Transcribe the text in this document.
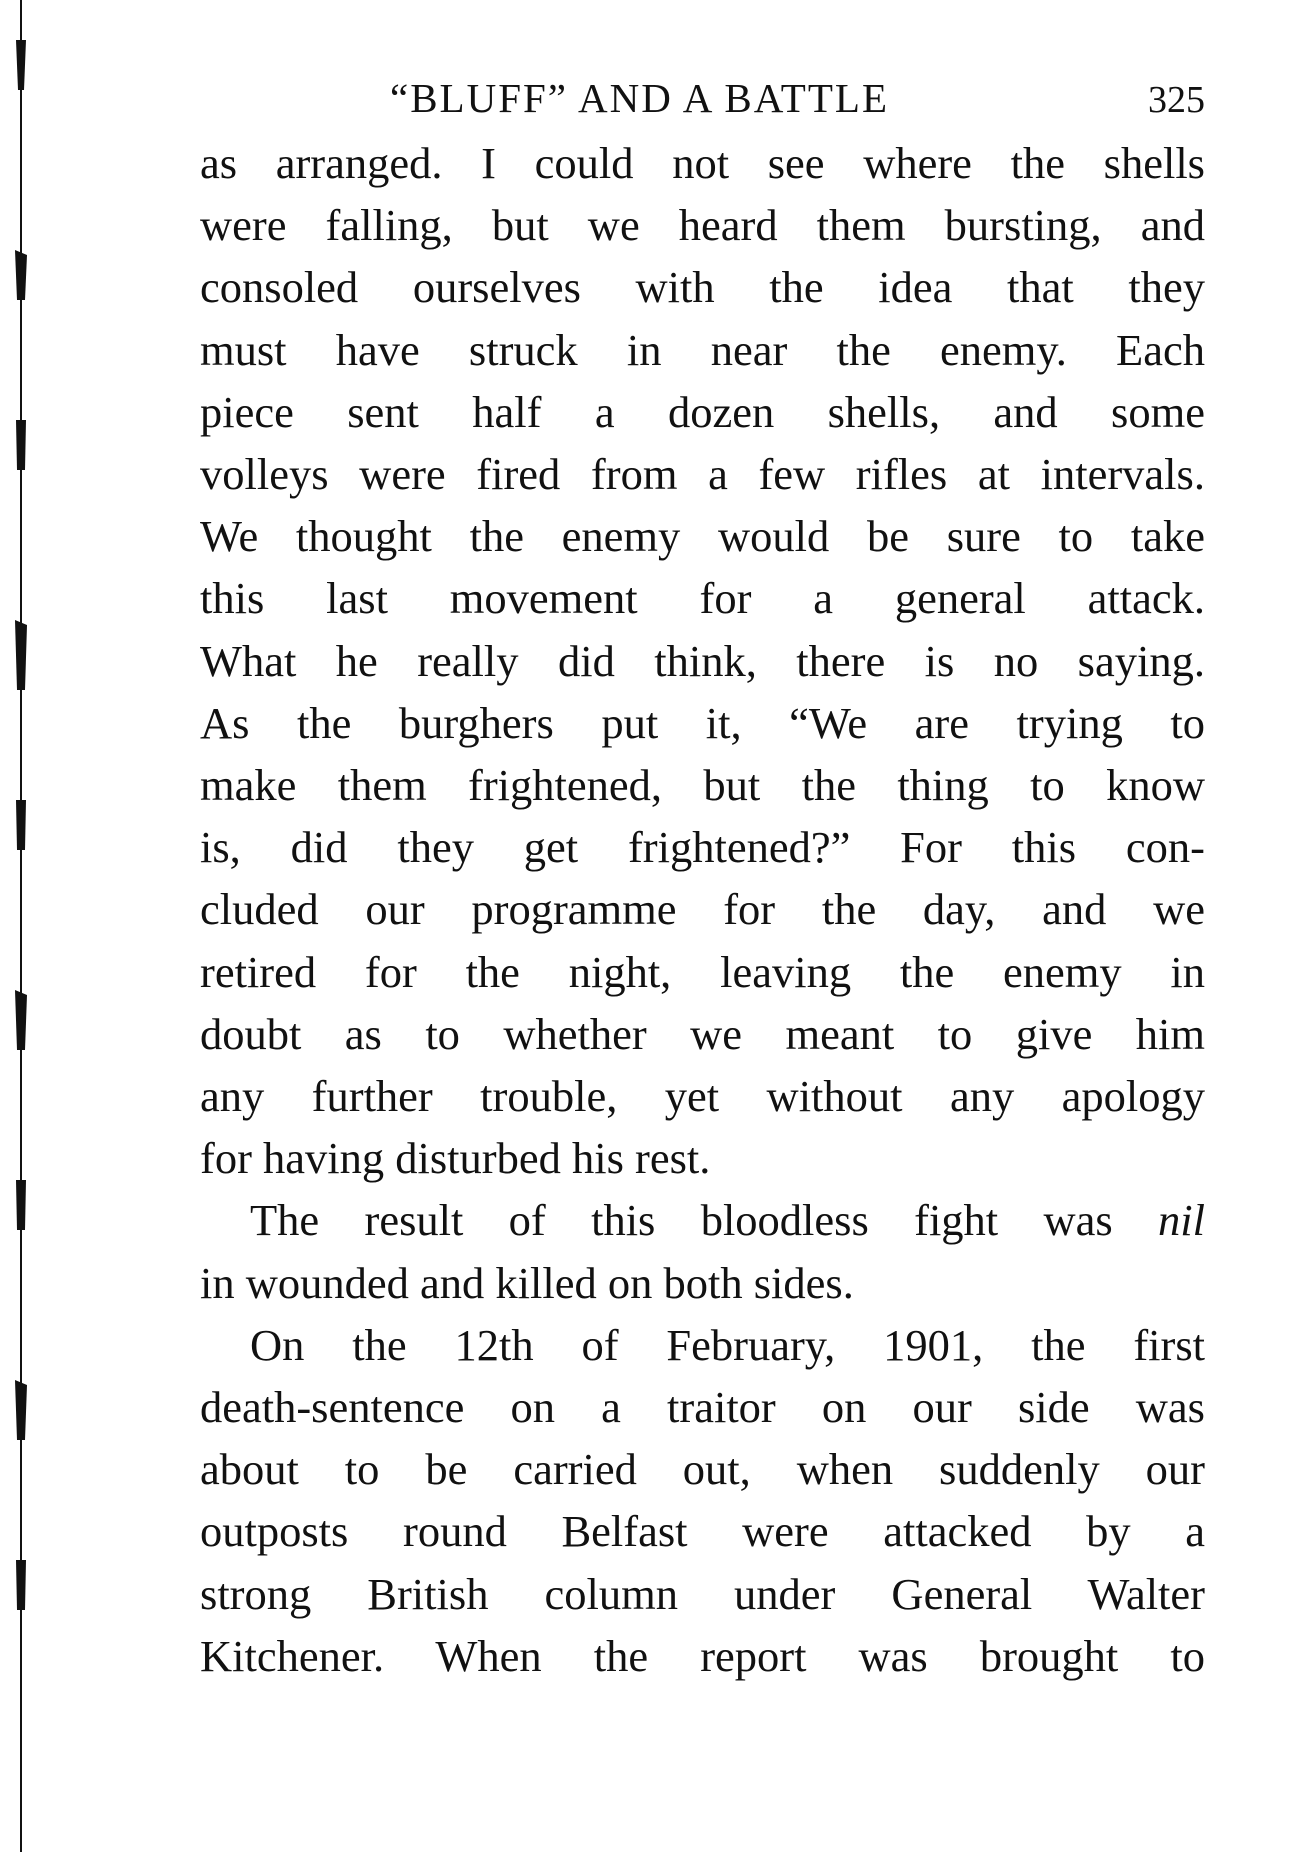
“BLUFF” AND A BATTLE	325
as arranged. I could not see where the shells
were falling, but we heard them bursting, and
consoled ourselves with the idea that they
must have struck in near the enemy. Each
piece sent half a dozen shells, and some
volleys were fired from a few rifles at intervals.
We thought the enemy would be sure to take
this last movement for a general attack.
What he really did think, there is no saying.
As the burghers put it, “We are trying to
make them frightened, but the thing to know
is, did they get frightened?” For this con-
cluded our programme for the day, and we
retired for the night, leaving the enemy in
doubt as to whether we meant to give him
any further trouble, yet without any apology
for having disturbed his rest.
The result of this bloodless fight was nil
in wounded and killed on both sides.
On the 12th of February, 1901, the first
death-sentence on a traitor on our side was
about to be carried out, when suddenly our
outposts round Belfast were attacked by a
strong British column under General Walter
Kitchener. When the report was brought to
